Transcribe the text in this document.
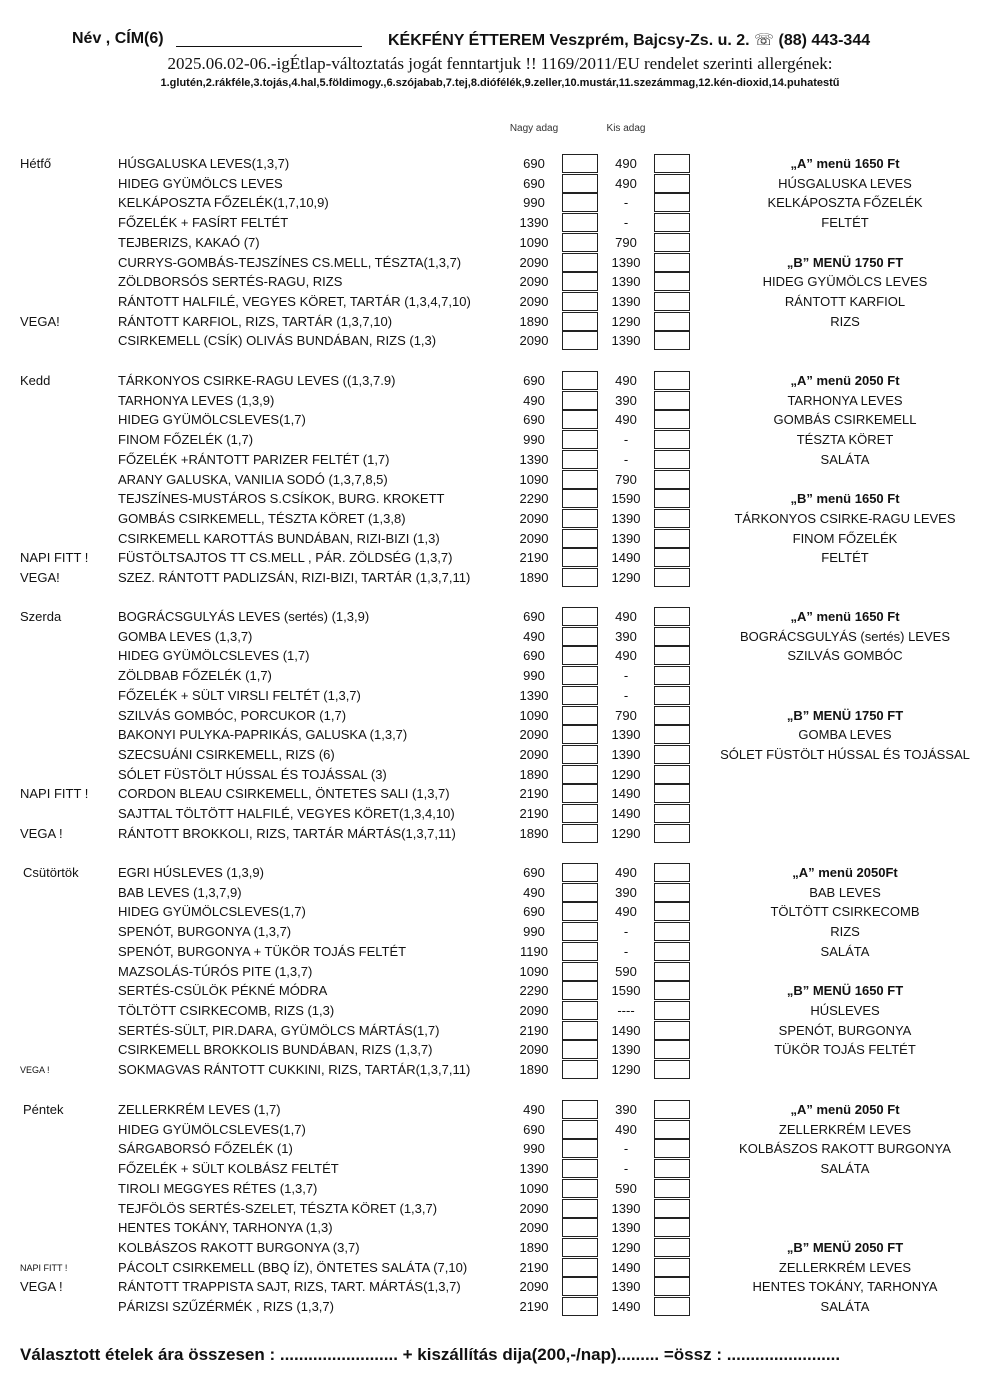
Név , CÍM(6)	KÉKFÉNY ÉTTEREM Veszprém, Bajcsy-Zs. u. 2. ☏ (88) 443-344
2025.06.02-06.-igÉtlap-változtatás jogát fenntartjuk !! 1169/2011/EU rendelet szerinti allergének:
1.glutén,2.rákféle,3.tojás,4.hal,5.földimogy.,6.szójabab,7.tej,8.diófélék,9.zeller,10.mustár,11.szezámmag,12.kén-dioxid,14.puhatestű
Nagy adag	Kis adag
Hétfő	HÚSGALUSKA LEVES(1,3,7)	690	490	„A” menü 1650 Ft
HIDEG GYÜMÖLCS LEVES	690	490	HÚSGALUSKA LEVES
KELKÁPOSZTA FŐZELÉK(1,7,10,9)	990	-	KELKÁPOSZTA FŐZELÉK
FŐZELÉK + FASÍRT FELTÉT	1390	-	FELTÉT
TEJBERIZS, KAKAÓ (7)	1090	790
CURRYS-GOMBÁS-TEJSZÍNES CS.MELL, TÉSZTA(1,3,7)	2090	1390	„B” MENÜ 1750 FT
ZÖLDBORSÓS SERTÉS-RAGU, RIZS	2090	1390	HIDEG GYÜMÖLCS LEVES
RÁNTOTT HALFILÉ, VEGYES KÖRET, TARTÁR (1,3,4,7,10)	2090	1390	RÁNTOTT KARFIOL
VEGA!	RÁNTOTT KARFIOL, RIZS, TARTÁR (1,3,7,10)	1890	1290	RIZS
CSIRKEMELL (CSÍK) OLIVÁS BUNDÁBAN, RIZS (1,3)	2090	1390
Kedd	TÁRKONYOS CSIRKE-RAGU LEVES ((1,3,7.9)	690	490	„A” menü 2050 Ft
TARHONYA LEVES (1,3,9)	490	390	TARHONYA LEVES
HIDEG GYÜMÖLCSLEVES(1,7)	690	490	GOMBÁS CSIRKEMELL
FINOM FŐZELÉK (1,7)	990	-	TÉSZTA KÖRET
FŐZELÉK +RÁNTOTT PARIZER FELTÉT (1,7)	1390	-	SALÁTA
ARANY GALUSKA, VANILIA SODÓ (1,3,7,8,5)	1090	790
TEJSZÍNES-MUSTÁROS S.CSÍKOK, BURG. KROKETT	2290	1590	„B” menü 1650 Ft
GOMBÁS CSIRKEMELL, TÉSZTA KÖRET (1,3,8)	2090	1390	TÁRKONYOS CSIRKE-RAGU LEVES
CSIRKEMELL KAROTTÁS BUNDÁBAN, RIZI-BIZI (1,3)	2090	1390	FINOM FŐZELÉK
NAPI FITT ! FÜSTÖLTSAJTOS TT CS.MELL , PÁR. ZÖLDSÉG (1,3,7)	2190	1490	FELTÉT
VEGA!	SZEZ. RÁNTOTT PADLIZSÁN, RIZI-BIZI, TARTÁR (1,3,7,11)	1890	1290
Szerda	BOGRÁCSGULYÁS LEVES (sertés) (1,3,9)	690	490	„A” menü 1650 Ft
GOMBA LEVES (1,3,7)	490	390	BOGRÁCSGULYÁS (sertés) LEVES
HIDEG GYÜMÖLCSLEVES (1,7)	690	490	SZILVÁS GOMBÓC
ZÖLDBAB FŐZELÉK (1,7)	990	-
FŐZELÉK + SÜLT VIRSLI FELTÉT (1,3,7)	1390	-
SZILVÁS GOMBÓC, PORCUKOR (1,7)	1090	790	„B” MENÜ 1750 FT
BAKONYI PULYKA-PAPRIKÁS, GALUSKA (1,3,7)	2090	1390	GOMBA LEVES
SZECSUÁNI CSIRKEMELL, RIZS (6)	2090	1390	SÓLET FÜSTÖLT HÚSSAL ÉS TOJÁSSAL
SÓLET FÜSTÖLT HÚSSAL ÉS TOJÁSSAL (3)	1890	1290
NAPI FITT ! CORDON BLEAU CSIRKEMELL, ÖNTETES SALI (1,3,7)	2190	1490
SAJTTAL TÖLTÖTT HALFILÉ, VEGYES KÖRET(1,3,4,10)	2190	1490
VEGA !	RÁNTOTT BROKKOLI, RIZS, TARTÁR MÁRTÁS(1,3,7,11)	1890	1290
Csütörtök	EGRI HÚSLEVES (1,3,9)	690	490	„A” menü 2050Ft
BAB LEVES (1,3,7,9)	490	390	BAB LEVES
HIDEG GYÜMÖLCSLEVES(1,7)	690	490	TÖLTÖTT CSIRKECOMB
SPENÓT, BURGONYA (1,3,7)	990	-	RIZS
SPENÓT, BURGONYA + TÜKÖR TOJÁS FELTÉT	1190	-	SALÁTA
MAZSOLÁS-TÚRÓS PITE (1,3,7)	1090	590
SERTÉS-CSÜLÖK PÉKNÉ MÓDRA	2290	1590	„B” MENÜ 1650 FT
TÖLTÖTT CSIRKECOMB, RIZS (1,3)	2090	----	HÚSLEVES
SERTÉS-SÜLT, PIR.DARA, GYÜMÖLCS MÁRTÁS(1,7)	2190	1490	SPENÓT, BURGONYA
CSIRKEMELL BROKKOLIS BUNDÁBAN, RIZS (1,3,7)	2090	1390	TÜKÖR TOJÁS FELTÉT
VEGA !	SOKMAGVAS RÁNTOTT CUKKINI, RIZS, TARTÁR(1,3,7,11)	1890	1290
Péntek	ZELLERKRÉM LEVES (1,7)	490	390	„A” menü 2050 Ft
HIDEG GYÜMÖLCSLEVES(1,7)	690	490	ZELLERKRÉM LEVES
SÁRGABORSÓ FŐZELÉK (1)	990	-	KOLBÁSZOS RAKOTT BURGONYA
FŐZELÉK + SÜLT KOLBÁSZ FELTÉT	1390	-	SALÁTA
TIROLI MEGGYES RÉTES (1,3,7)	1090	590
TEJFÖLÖS SERTÉS-SZELET, TÉSZTA KÖRET (1,3,7)	2090	1390
HENTES TOKÁNY, TARHONYA (1,3)	2090	1390
KOLBÁSZOS RAKOTT BURGONYA (3,7)	1890	1290	„B” MENÜ 2050 FT
NAPI FITT !	PÁCOLT CSIRKEMELL (BBQ ÍZ), ÖNTETES SALÁTA (7,10)	2190	1490	ZELLERKRÉM LEVES
VEGA !	RÁNTOTT TRAPPISTA SAJT, RIZS, TART. MÁRTÁS(1,3,7)	2090	1390	HENTES TOKÁNY, TARHONYA
PÁRIZSI SZŰZÉRMÉK , RIZS (1,3,7)	2190	1490	SALÁTA
Választott ételek ára összesen : ......................... + kiszállítás dija(200,-/nap)......... =össz : ........................
